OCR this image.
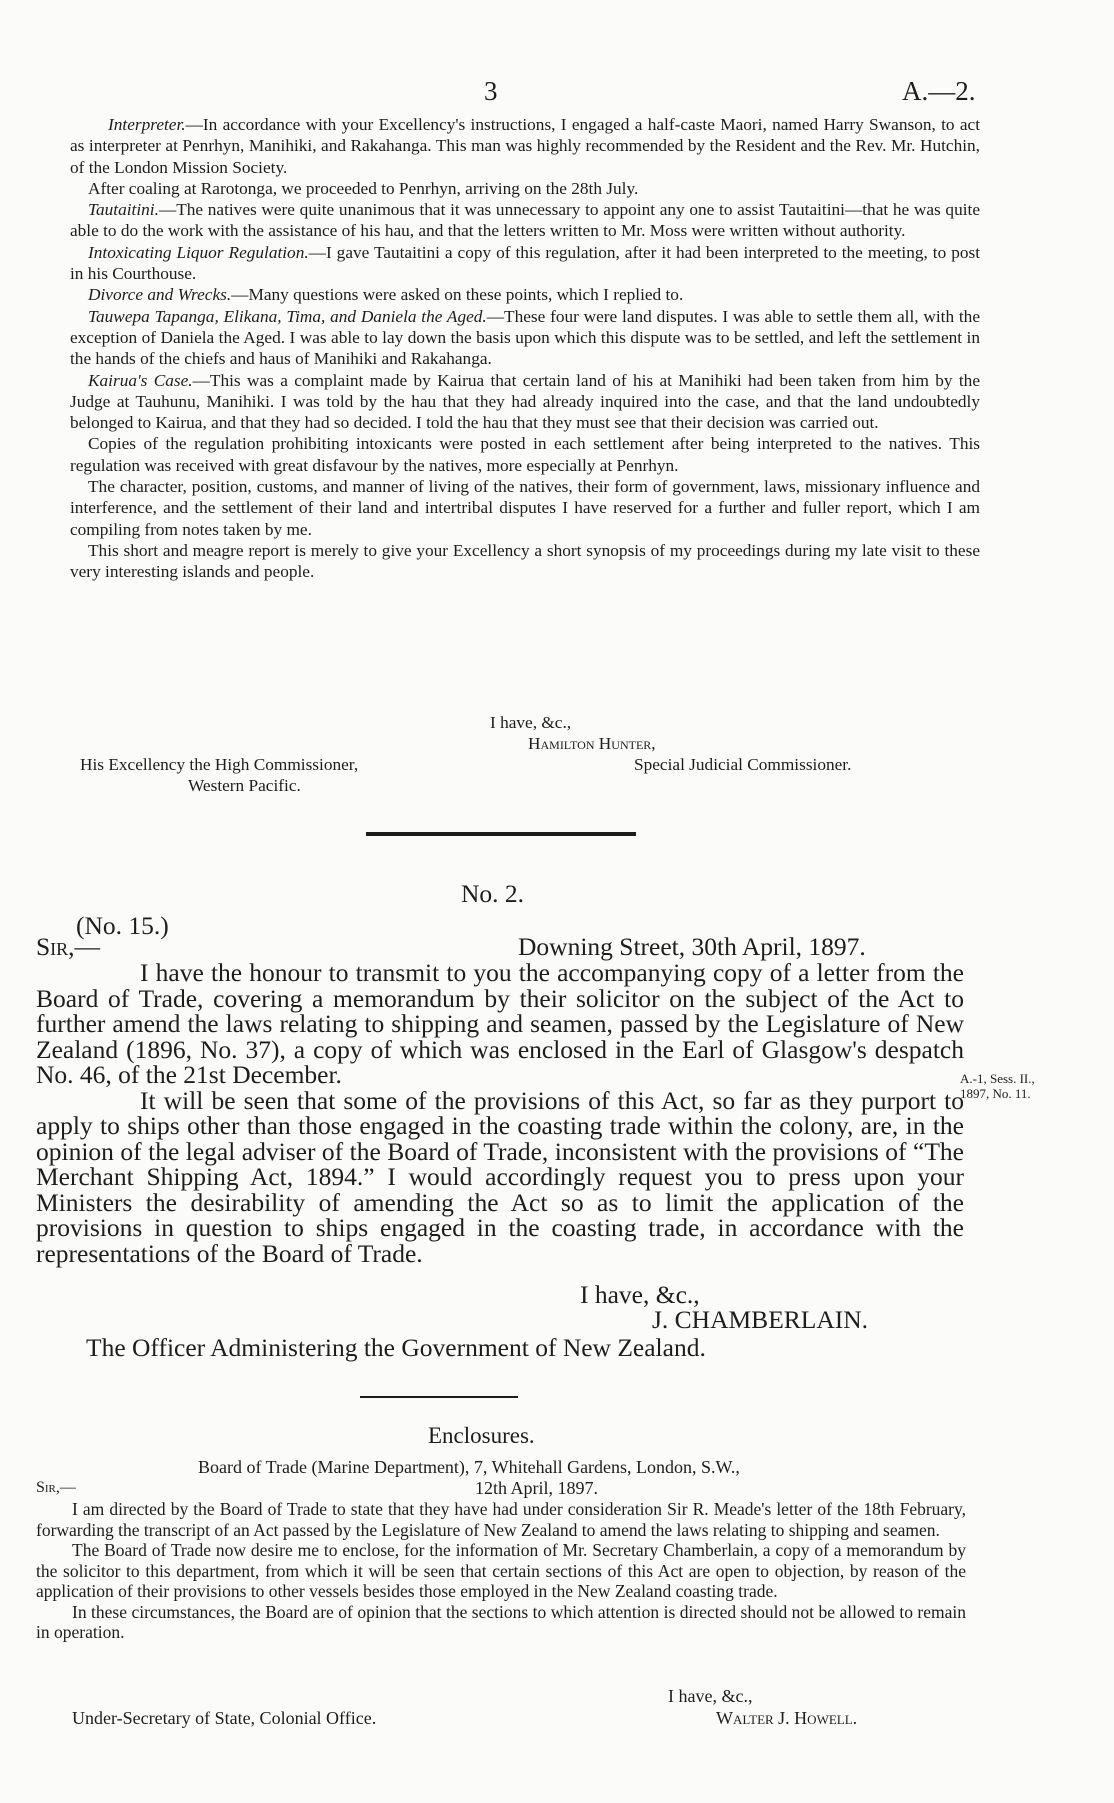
3	A.—2.

Interpreter.—In accordance with your Excellency's instructions, I engaged a half-caste Maori, named Harry Swanson, to act as interpreter at Penrhyn, Manihiki, and Rakahanga. This man was highly recommended by the Resident and the Rev. Mr. Hutchin, of the London Mission Society.

After coaling at Rarotonga, we proceeded to Penrhyn, arriving on the 28th July.

Tautaitini.—The natives were quite unanimous that it was unnecessary to appoint any one to assist Tautaitini—that he was quite able to do the work with the assistance of his hau, and that the letters written to Mr. Moss were written without authority.

Intoxicating Liquor Regulation.—I gave Tautaitini a copy of this regulation, after it had been interpreted to the meeting, to post in his Courthouse.

Divorce and Wrecks.—Many questions were asked on these points, which I replied to.

Tauwepa Tapanga, Elikana, Tima, and Daniela the Aged.—These four were land disputes. I was able to settle them all, with the exception of Daniela the Aged. I was able to lay down the basis upon which this dispute was to be settled, and left the settlement in the hands of the chiefs and haus of Manihiki and Rakahanga.

Kairua's Case.—This was a complaint made by Kairua that certain land of his at Manihiki had been taken from him by the Judge at Tauhunu, Manihiki. I was told by the hau that they had already inquired into the case, and that the land undoubtedly belonged to Kairua, and that they had so decided. I told the hau that they must see that their decision was carried out.

Copies of the regulation prohibiting intoxicants were posted in each settlement after being interpreted to the natives. This regulation was received with great disfavour by the natives, more especially at Penrhyn.

The character, position, customs, and manner of living of the natives, their form of government, laws, missionary influence and interference, and the settlement of their land and intertribal disputes I have reserved for a further and fuller report, which I am compiling from notes taken by me.

This short and meagre report is merely to give your Excellency a short synopsis of my proceedings during my late visit to these very interesting islands and people.

I have, &c.,
Hamilton Hunter,
His Excellency the High Commissioner,	Special Judicial Commissioner.
Western Pacific.
No. 2.
(No. 15.)
Sir,—	Downing Street, 30th April, 1897.

I have the honour to transmit to you the accompanying copy of a letter from the Board of Trade, covering a memorandum by their solicitor on the subject of the Act to further amend the laws relating to shipping and seamen, passed by the Legislature of New Zealand (1896, No. 37), a copy of which was enclosed in the Earl of Glasgow's despatch No. 46, of the 21st December.

It will be seen that some of the provisions of this Act, so far as they purport to apply to ships other than those engaged in the coasting trade within the colony, are, in the opinion of the legal adviser of the Board of Trade, inconsistent with the provisions of “The Merchant Shipping Act, 1894.” I would accordingly request you to press upon your Ministers the desirability of amending the Act so as to limit the application of the provisions in question to ships engaged in the coasting trade, in accordance with the representations of the Board of Trade.

A.-1, Sess. II.,
1897, No. 11.
I have, &c.,
J. CHAMBERLAIN.
The Officer Administering the Government of New Zealand.
Enclosures.
Board of Trade (Marine Department), 7, Whitehall Gardens, London, S.W.,
Sir,—	12th April, 1897.

I am directed by the Board of Trade to state that they have had under consideration Sir R. Meade's letter of the 18th February, forwarding the transcript of an Act passed by the Legislature of New Zealand to amend the laws relating to shipping and seamen.

The Board of Trade now desire me to enclose, for the information of Mr. Secretary Chamberlain, a copy of a memorandum by the solicitor to this department, from which it will be seen that certain sections of this Act are open to objection, by reason of the application of their provisions to other vessels besides those employed in the New Zealand coasting trade.

In these circumstances, the Board are of opinion that the sections to which attention is directed should not be allowed to remain in operation.

I have, &c.,
Under-Secretary of State, Colonial Office.	Walter J. Howell.
